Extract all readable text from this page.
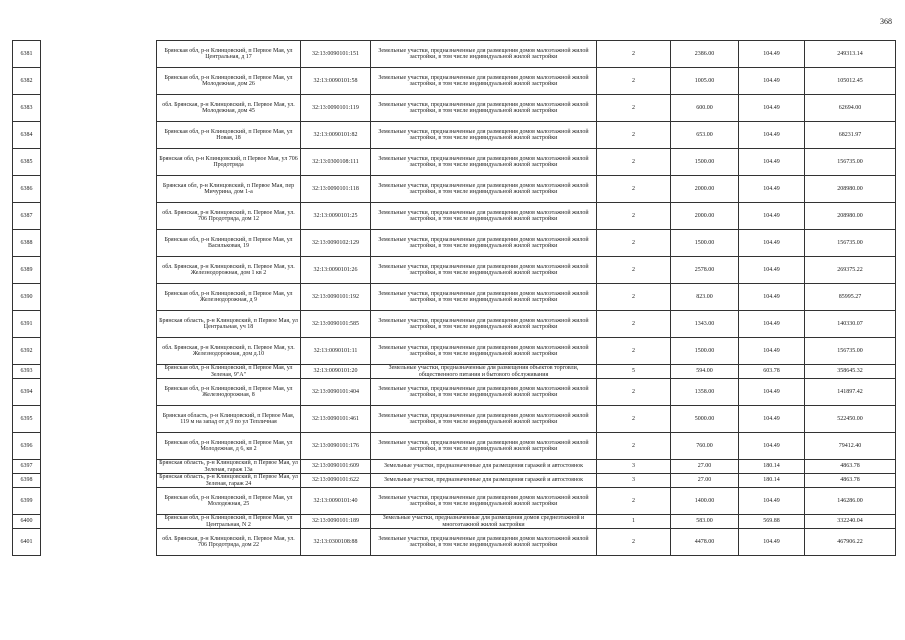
368
6381		Брянская обл, р-н Клинцовский, п Первое Мая, ул Центральная, д 17	32:13:0090101:151	Земельные участки, предназначенные для размещения домов малоэтажной жилой застройки, в том числе индивидуальной жилой застройки	2	2386.00	104.49	249313.14
6382		Брянская обл, р-н Клинцовский, п Первое Мая, ул Молодежная, дом 26	32:13:0090101:58	Земельные участки, предназначенные для размещения домов малоэтажной жилой застройки, в том числе индивидуальной жилой застройки	2	1005.00	104.49	105012.45
6383		обл. Брянская, р-н Клинцовский, п. Первое Мая, ул. Молодежная, дом 45	32:13:0090101:119	Земельные участки, предназначенные для размещения домов малоэтажной жилой застройки, в том числе индивидуальной жилой застройки	2	600.00	104.49	62694.00
6384		Брянская обл, р-н Клинцовский, п Первое Мая, ул Новая, 18	32:13:0090101:82	Земельные участки, предназначенные для размещения домов малоэтажной жилой застройки, в том числе индивидуальной жилой застройки	2	653.00	104.49	68231.97
6385		Брянская обл, р-н Клинцовский, п Первое Мая, ул 706 Продотряда	32:13:0300108:111	Земельные участки, предназначенные для размещения домов малоэтажной жилой застройки, в том числе индивидуальной жилой застройки	2	1500.00	104.49	156735.00
6386		Брянская обл, р-н Клинцовский, п Первое Мая, пер Мичурина, дом 1-а	32:13:0090101:118	Земельные участки, предназначенные для размещения домов малоэтажной жилой застройки, в том числе индивидуальной жилой застройки	2	2000.00	104.49	208980.00
6387		обл. Брянская, р-н Клинцовский, п. Первое Мая, ул. 706 Продотряда, дом 12	32:13:0090101:25	Земельные участки, предназначенные для размещения домов малоэтажной жилой застройки, в том числе индивидуальной жилой застройки	2	2000.00	104.49	208980.00
6388		Брянская обл, р-н Клинцовский, п Первое Мая, ул Васильковая, 19	32:13:0090102:129	Земельные участки, предназначенные для размещения домов малоэтажной жилой застройки, в том числе индивидуальной жилой застройки	2	1500.00	104.49	156735.00
6389		обл. Брянская, р-н Клинцовский, п. Первое Мая, ул. Железнодорожная, дом 1 кв 2	32:13:0090101:26	Земельные участки, предназначенные для размещения домов малоэтажной жилой застройки, в том числе индивидуальной жилой застройки	2	2578.00	104.49	269375.22
6390		Брянская обл, р-н Клинцовский, п Первое Мая, ул Железнодорожная, д 9	32:13:0090101:192	Земельные участки, предназначенные для размещения домов малоэтажной жилой застройки, в том числе индивидуальной жилой застройки	2	823.00	104.49	85995.27
6391		Брянская область, р-н Клинцовский, п Первое Мая, ул Центральная, уч 18	32:13:0090101:585	Земельные участки, предназначенные для размещения домов малоэтажной жилой застройки, в том числе индивидуальной жилой застройки	2	1343.00	104.49	140330.07
6392		обл. Брянская, р-н Клинцовский, п. Первое Мая, ул. Железнодорожная, дом д.10	32:13:0090101:11	Земельные участки, предназначенные для размещения домов малоэтажной жилой застройки, в том числе индивидуальной жилой застройки	2	1500.00	104.49	156735.00
6393		Брянская обл, р-н Клинцовский, п Первое Мая, ул Зеленая, 9"А"	32:13:0090101:20	Земельные участки, предназначенные для размещения объектов торговли, общественного питания и бытового обслуживания	5	594.00	603.78	358645.32
6394		Брянская обл, р-н Клинцовский, п Первое Мая, ул Железнодорожная, 8	32:13:0090101:404	Земельные участки, предназначенные для размещения домов малоэтажной жилой застройки, в том числе индивидуальной жилой застройки	2	1358.00	104.49	141897.42
6395		Брянская область, р-н Клинцовский, п Первое Мая, 119 м на запад от д 9 по ул Тепличная	32:13:0090101:461	Земельные участки, предназначенные для размещения домов малоэтажной жилой застройки, в том числе индивидуальной жилой застройки	2	5000.00	104.49	522450.00
6396		Брянская обл, р-н Клинцовский, п Первое Мая, ул Молодежная, д 6, кв 2	32:13:0090101:176	Земельные участки, предназначенные для размещения домов малоэтажной жилой застройки, в том числе индивидуальной жилой застройки	2	760.00	104.49	79412.40
6397		Брянская область, р-н Клинцовский, п Первое Мая, ул Зеленая, гараж 13а	32:13:0090101:609	Земельные участки, предназначенные для размещения гаражей и автостоянок	3	27.00	180.14	4863.78
6398		Брянская область, р-н Клинцовский, п Первое Мая, ул Зеленая, гараж 24	32:13:0090101:622	Земельные участки, предназначенные для размещения гаражей и автостоянок	3	27.00	180.14	4863.78
6399		Брянская обл, р-н Клинцовский, п Первое Мая, ул Молодежная, 25	32:13:0090101:40	Земельные участки, предназначенные для размещения домов малоэтажной жилой застройки, в том числе индивидуальной жилой застройки	2	1400.00	104.49	146286.00
6400		Брянская обл, р-н Клинцовский, п Первое Мая, ул Центральная, N 2	32:13:0090101:189	Земельные участки, предназначенные для размещения домов среднеэтажной и многоэтажной жилой застройки	1	583.00	569.88	332240.04
6401		обл. Брянская, р-н Клинцовский, п. Первое Мая, ул. 706 Продотряда, дом 22	32:13:0300108:88	Земельные участки, предназначенные для размещения домов малоэтажной жилой застройки, в том числе индивидуальной жилой застройки	2	4478.00	104.49	467906.22
